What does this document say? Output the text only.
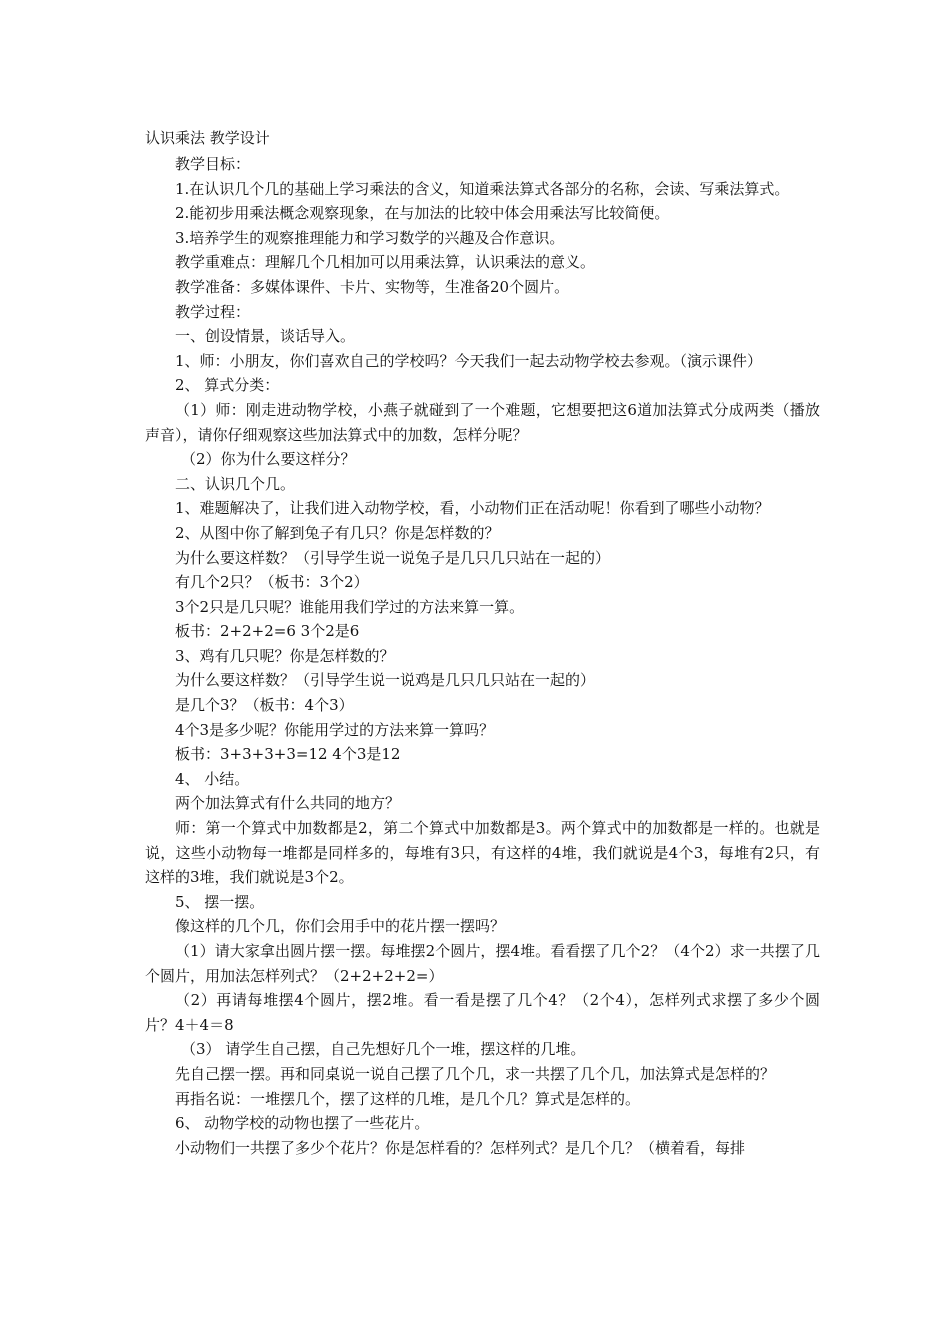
认识乘法 教学设计

教学目标：

1.在认识几个几的基础上学习乘法的含义，知道乘法算式各部分的名称，会读、写乘法算式。

2.能初步用乘法概念观察现象，在与加法的比较中体会用乘法写比较简便。

3.培养学生的观察推理能力和学习数学的兴趣及合作意识。

教学重难点：理解几个几相加可以用乘法算，认识乘法的意义。

教学准备：多媒体课件、卡片、实物等，生准备20个圆片。

教学过程：

一、创设情景，谈话导入。

1、师：小朋友，你们喜欢自己的学校吗？今天我们一起去动物学校去参观。（演示课件）

2、 算式分类：

（1）师：刚走进动物学校，小燕子就碰到了一个难题，它想要把这6道加法算式分成两类（播放声音），请你仔细观察这些加法算式中的加数，怎样分呢？

（2）你为什么要这样分？

二、认识几个几。

1、难题解决了，让我们进入动物学校，看，小动物们正在活动呢！你看到了哪些小动物？

2、从图中你了解到兔子有几只？你是怎样数的？

为什么要这样数？（引导学生说一说兔子是几只几只站在一起的）

有几个2只？（板书：3个2）

3个2只是几只呢？谁能用我们学过的方法来算一算。

板书：2+2+2=6 3个2是6

3、鸡有几只呢？你是怎样数的？

为什么要这样数？（引导学生说一说鸡是几只几只站在一起的）

是几个3？（板书：4个3）

4个3是多少呢？你能用学过的方法来算一算吗？

板书：3+3+3+3=12 4个3是12

4、 小结。

两个加法算式有什么共同的地方？

师：第一个算式中加数都是2，第二个算式中加数都是3。两个算式中的加数都是一样的。也就是说，这些小动物每一堆都是同样多的，每堆有3只，有这样的4堆，我们就说是4个3，每堆有2只，有这样的3堆，我们就说是3个2。

5、 摆一摆。

像这样的几个几，你们会用手中的花片摆一摆吗？

（1）请大家拿出圆片摆一摆。每堆摆2个圆片，摆4堆。看看摆了几个2？（4个2）求一共摆了几个圆片，用加法怎样列式？（2+2+2+2=）

（2）再请每堆摆4个圆片，摆2堆。看一看是摆了几个4？（2个4），怎样列式求摆了多少个圆片？4＋4＝8

（3） 请学生自己摆，自己先想好几个一堆，摆这样的几堆。

先自己摆一摆。再和同桌说一说自己摆了几个几，求一共摆了几个几，加法算式是怎样的？

再指名说：一堆摆几个，摆了这样的几堆，是几个几？算式是怎样的。

6、 动物学校的动物也摆了一些花片。

小动物们一共摆了多少个花片？你是怎样看的？怎样列式？是几个几？（横着看，每排
